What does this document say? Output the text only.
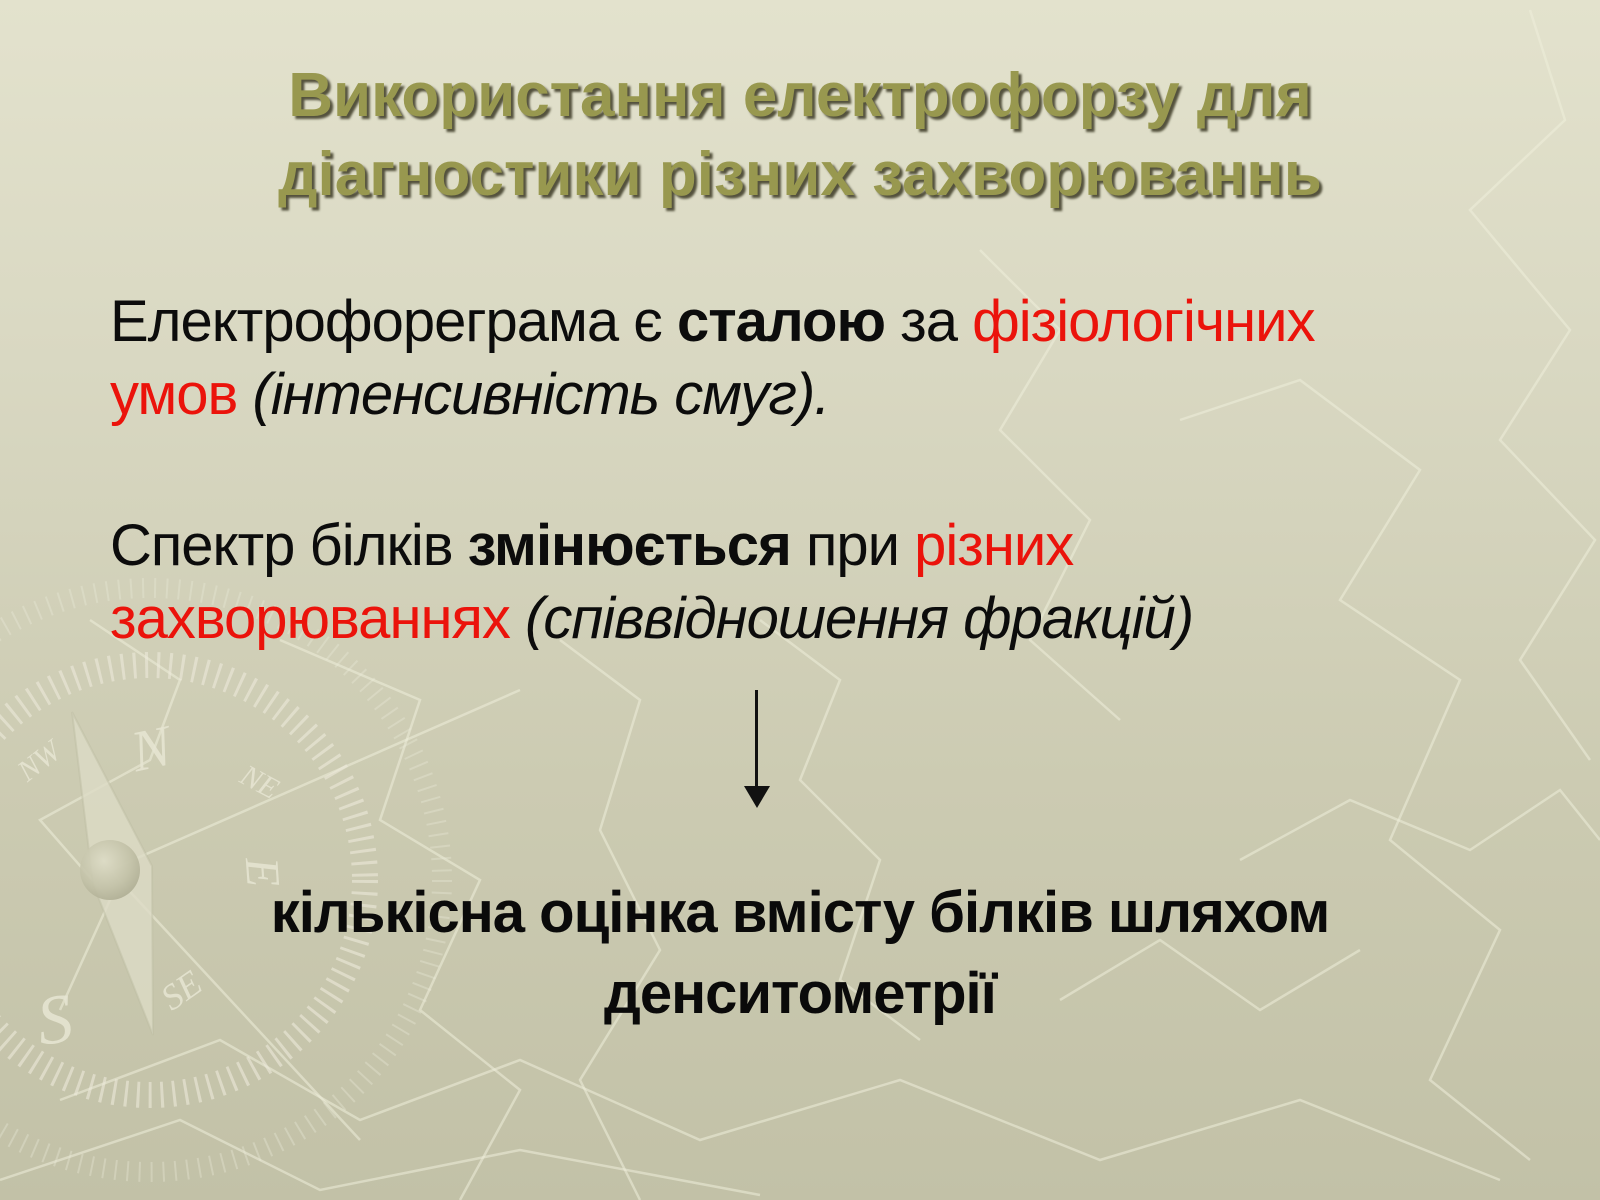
N
NW	NE
E
SE
S
Використання електрофорзу для
діагностики різних захворюваннь
Електрофореграма є сталою за фізіологічних
умов (інтенсивність смуг).
Спектр білків змінюється при різних
захворюваннях (співвідношення фракцій)
кількісна оцінка вмісту білків шляхом
денситометрії
